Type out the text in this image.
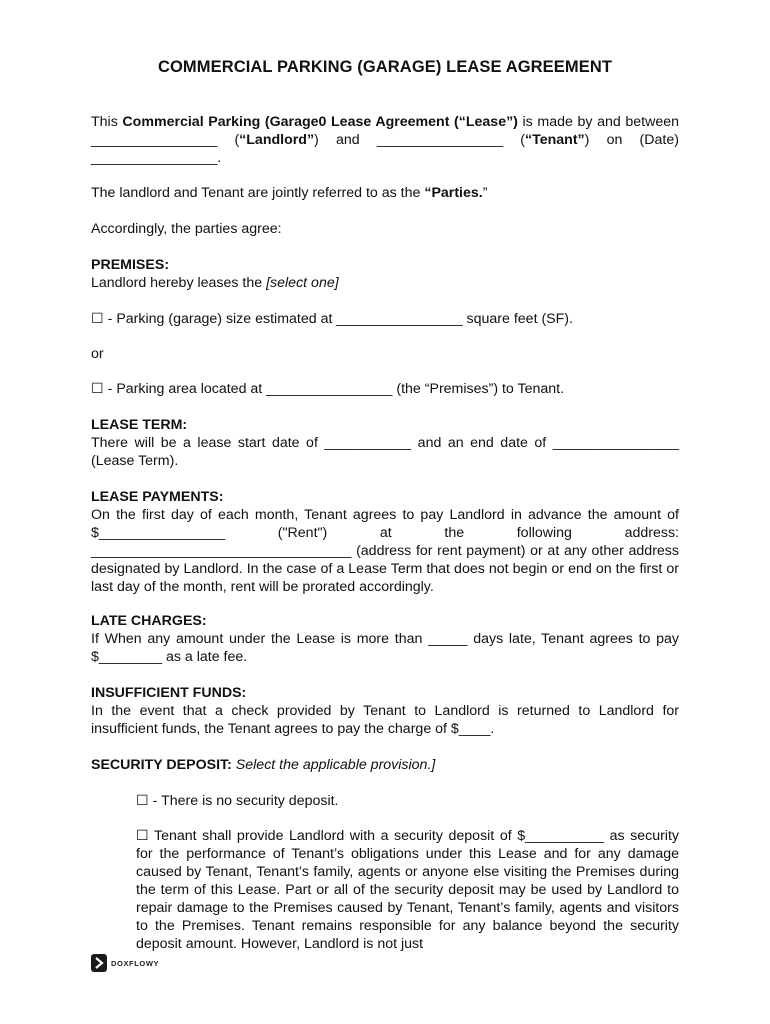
COMMERCIAL PARKING (GARAGE) LEASE AGREEMENT

This Commercial Parking (Garage0 Lease Agreement (“Lease”) is made by and between ________________ (“Landlord”) and ________________ (“Tenant”) on (Date) ________________.

The landlord and Tenant are jointly referred to as the “Parties.”

Accordingly, the parties agree:

PREMISES:

Landlord hereby leases the [select one]

☐ - Parking (garage) size estimated at ________________ square feet (SF).

or

☐ - Parking area located at ________________ (the “Premises”) to Tenant.

LEASE TERM:

There will be a lease start date of ___________ and an end date of ________________ (Lease Term).

LEASE PAYMENTS:

On the first day of each month, Tenant agrees to pay Landlord in advance the amount of $________________ ("Rent") at the following address: _________________________________ (address for rent payment) or at any other address designated by Landlord. In the case of a Lease Term that does not begin or end on the first or last day of the month, rent will be prorated accordingly.

LATE CHARGES:

If When any amount under the Lease is more than _____ days late, Tenant agrees to pay $________ as a late fee.

INSUFFICIENT FUNDS:

In the event that a check provided by Tenant to Landlord is returned to Landlord for insufficient funds, the Tenant agrees to pay the charge of $____.

SECURITY DEPOSIT: Select the applicable provision.]

☐ - There is no security deposit.

☐ Tenant shall provide Landlord with a security deposit of $__________ as security for the performance of Tenant’s obligations under this Lease and for any damage caused by Tenant, Tenant’s family, agents or anyone else visiting the Premises during the term of this Lease. Part or all of the security deposit may be used by Landlord to repair damage to the Premises caused by Tenant, Tenant’s family, agents and visitors to the Premises. Tenant remains responsible for any balance beyond the security deposit amount. However, Landlord is not just

DOXFLOWY
